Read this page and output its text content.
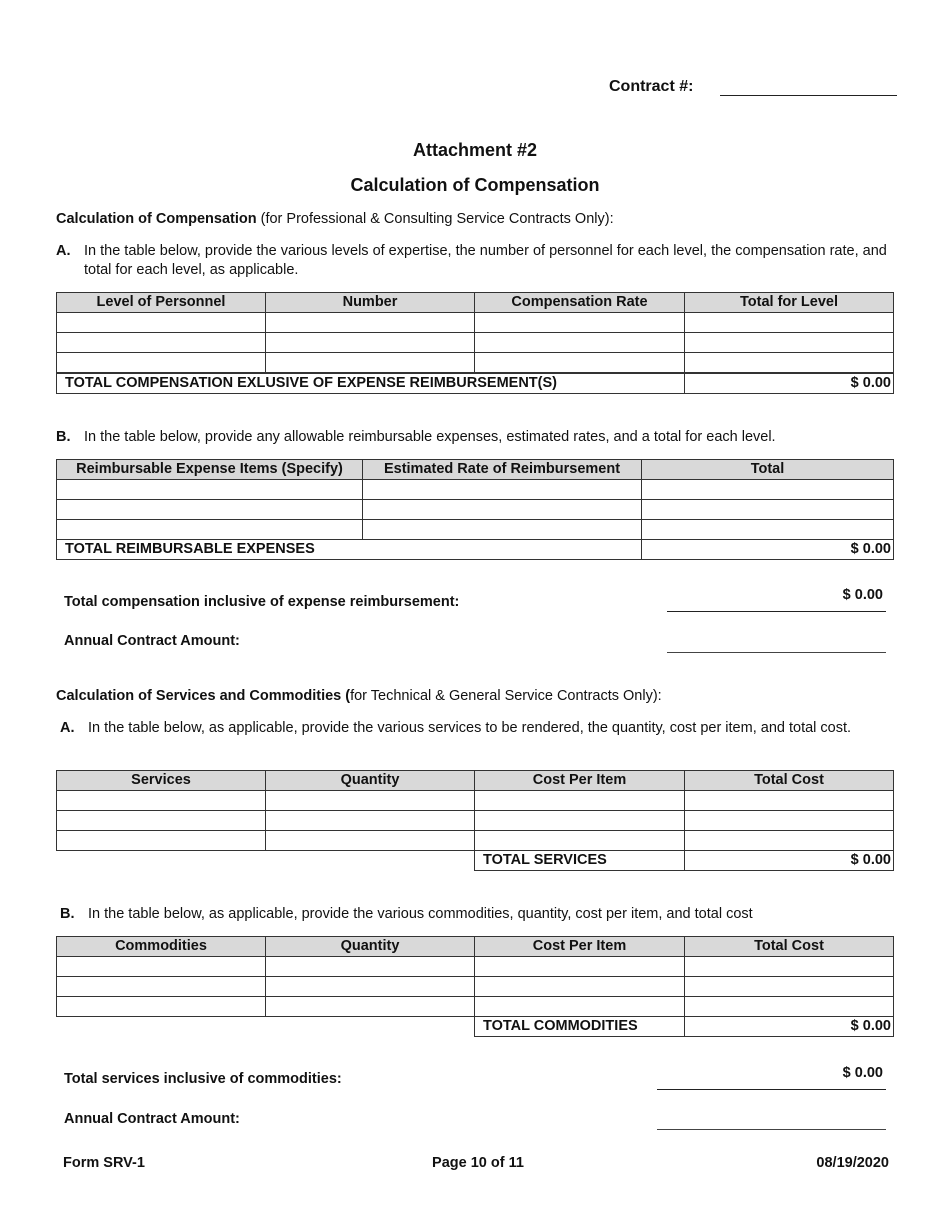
Contract #:
Attachment #2
Calculation of Compensation
Calculation of Compensation (for Professional & Consulting Service Contracts Only):
A. In the table below, provide the various levels of expertise, the number of personnel for each level, the compensation rate, and total for each level, as applicable.
Level of Personnel	Number	Compensation Rate	Total for Level

TOTAL COMPENSATION EXLUSIVE OF EXPENSE REIMBURSEMENT(S)			$ 0.00
B. In the table below, provide any allowable reimbursable expenses, estimated rates, and a total for each level.
Reimbursable Expense Items (Specify)	Estimated Rate of Reimbursement	Total

TOTAL REIMBURSABLE EXPENSES		$ 0.00
Total compensation inclusive of expense reimbursement:	$ 0.00
Annual Contract Amount:
Calculation of Services and Commodities (for Technical & General Service Contracts Only):
A. In the table below, as applicable, provide the various services to be rendered, the quantity, cost per item, and total cost.
Services	Quantity	Cost Per Item	Total Cost

		TOTAL SERVICES	$ 0.00
B. In the table below, as applicable, provide the various commodities, quantity, cost per item, and total cost
Commodities	Quantity	Cost Per Item	Total Cost

		TOTAL COMMODITIES	$ 0.00
Total services inclusive of commodities:	$ 0.00
Annual Contract Amount:
Form SRV-1	Page 10 of 11	08/19/2020
